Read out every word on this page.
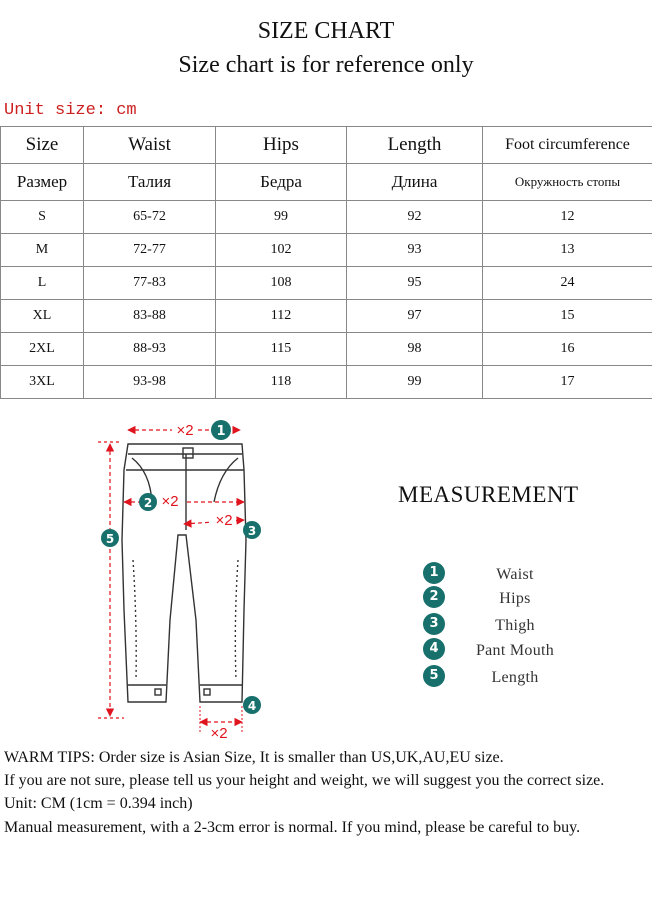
SIZE CHART
Size chart is for reference only
Unit size: cm
Size	Waist	Hips	Length	Foot circumference
Размер	Талия	Бедра	Длина	Окружность стопы
S	65-72	99	92	12
M	72-77	102	93	13
L	77-83	108	95	24
XL	83-88	112	97	15
2XL	88-93	115	98	16
3XL	93-98	118	99	17
×2 1
2 ×2
×2
3
5
×2
4
MEASUREMENT
1	Waist
2	Hips
3	Thigh
4	Pant Mouth
5	Length

WARM TIPS: Order size is Asian Size, It is smaller than US,UK,AU,EU size.

If you are not sure, please tell us your height and weight, we will suggest you the correct size.

Unit: CM (1cm = 0.394 inch)

Manual measurement, with a 2-3cm error is normal. If you mind, please be careful to buy.
